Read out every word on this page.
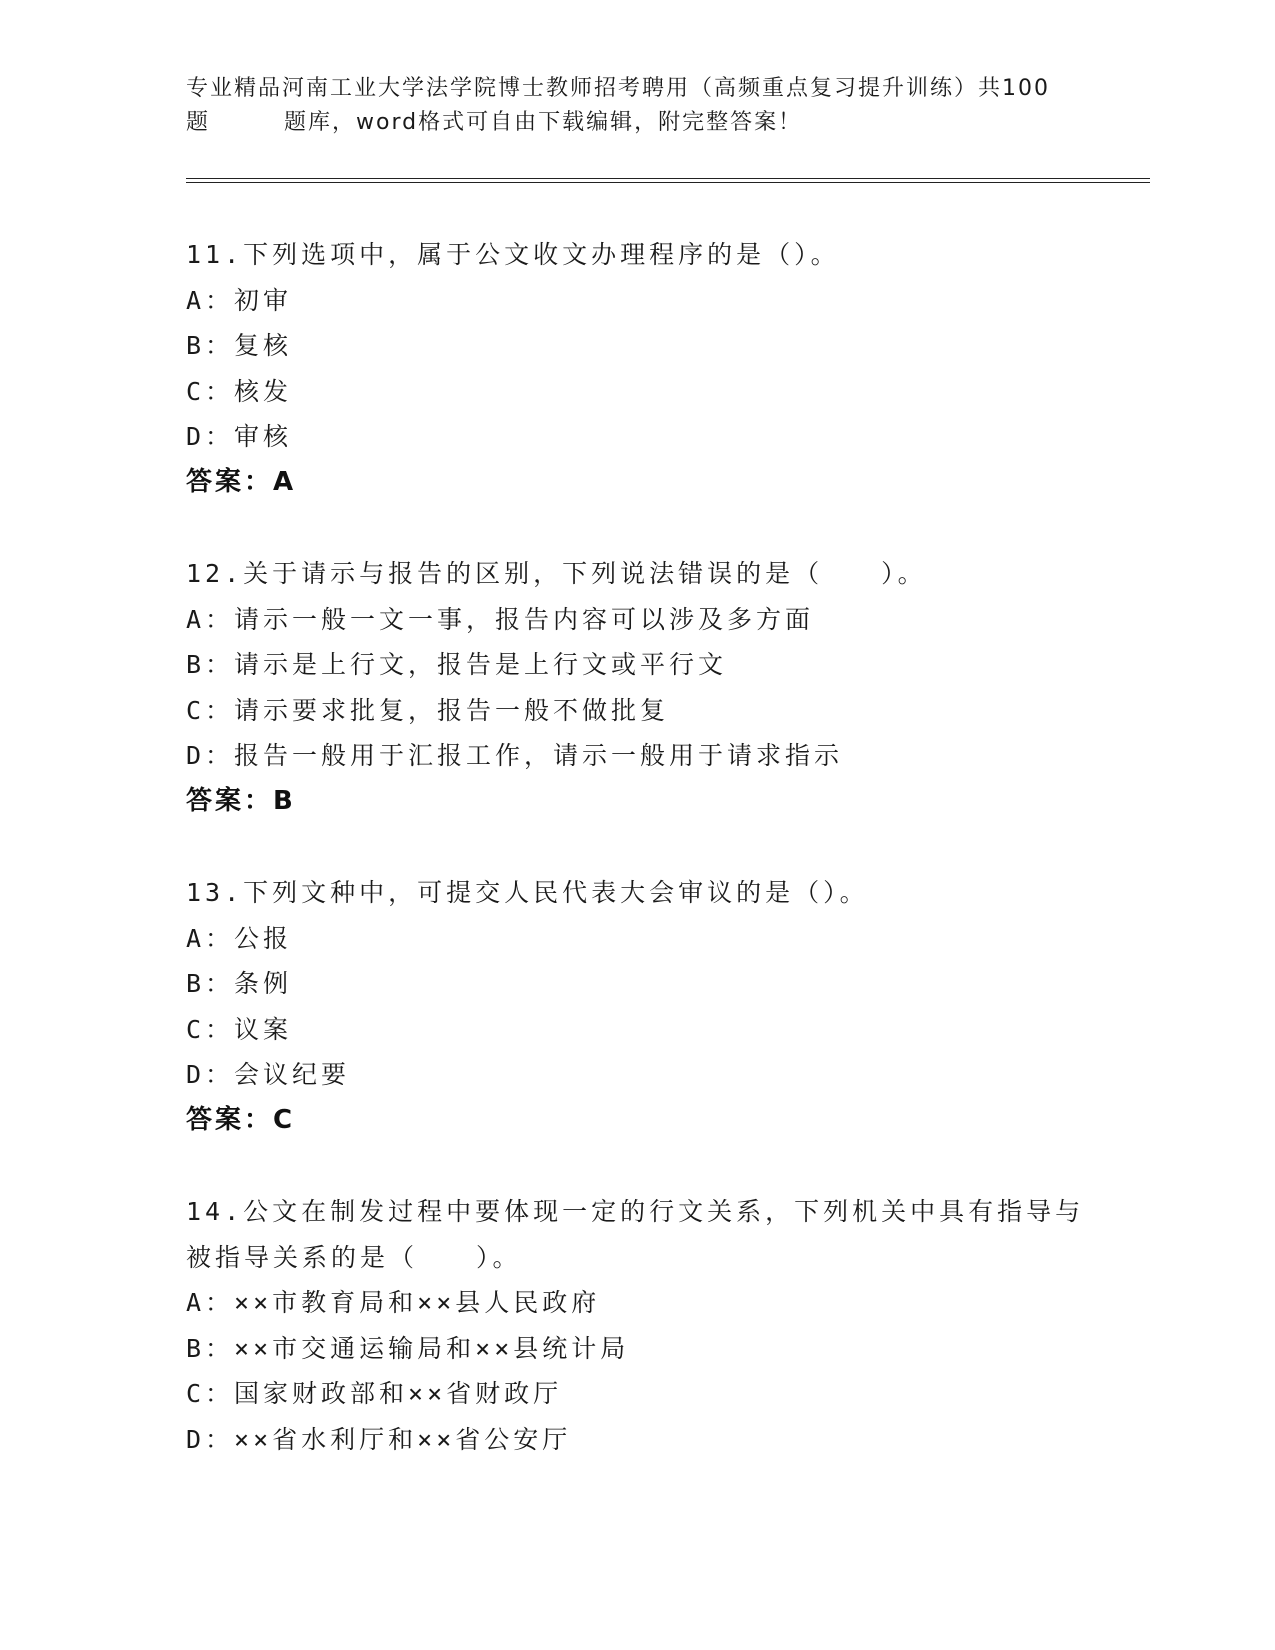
专业精品河南工业大学法学院博士教师招考聘用（高频重点复习提升训练）共100
题	题库，word格式可自由下载编辑，附完整答案！
11.下列选项中，属于公文收文办理程序的是（）。
A：初审
B：复核
C：核发
D：审核
答案：A
12.关于请示与报告的区别，下列说法错误的是（　　）。
A：请示一般一文一事，报告内容可以涉及多方面
B：请示是上行文，报告是上行文或平行文
C：请示要求批复，报告一般不做批复
D：报告一般用于汇报工作，请示一般用于请求指示
答案：B
13.下列文种中，可提交人民代表大会审议的是（）。
A：公报
B：条例
C：议案
D：会议纪要
答案：C
14.公文在制发过程中要体现一定的行文关系，下列机关中具有指导与
被指导关系的是（　　）。
A：××市教育局和××县人民政府
B：××市交通运输局和××县统计局
C：国家财政部和××省财政厅
D：××省水利厅和××省公安厅
